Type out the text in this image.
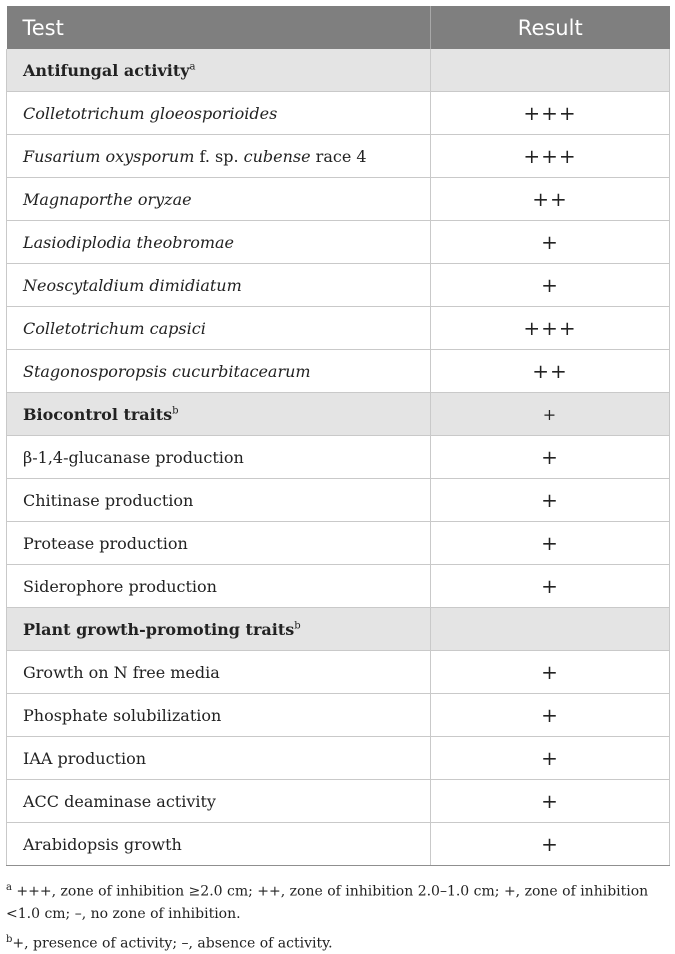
Test	Result
Antifungal activity$^a$	
Colletotrichum gloeosporioides	+++
Fusarium oxysporum f. sp. cubense race 4	+++
Magnaporthe oryzae	++
Lasiodiplodia theobromae	+
Neoscytaldium dimidiatum	+
Colletotrichum capsici	+++
Stagonosporopsis cucurbitacearum	++
Biocontrol traits$^b$	+
β-1,4-glucanase production	+
Chitinase production	+
Protease production	+
Siderophore production	+
Plant growth-promoting traits$^b$	
Growth on N free media	+
Phosphate solubilization	+
IAA production	+
ACC deaminase activity	+
Arabidopsis growth	+

$^a$ +++, zone of inhibition ≥2.0 cm; ++, zone of inhibition 2.0–1.0 cm; +, zone of inhibition <1.0 cm; –, no zone of inhibition.

$^b$+, presence of activity; –, absence of activity.
